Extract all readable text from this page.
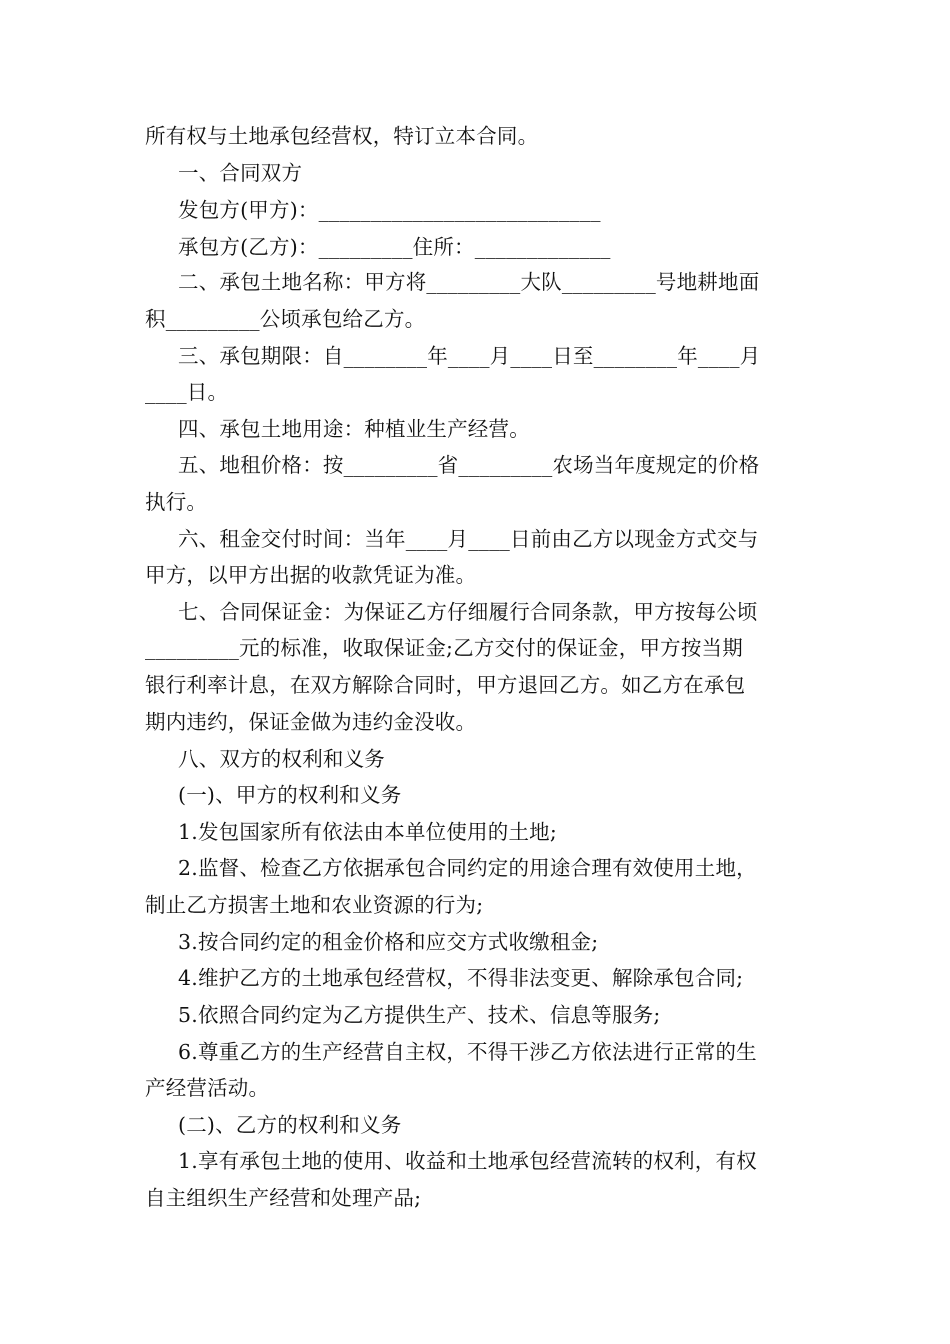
所有权与土地承包经营权，特订立本合同。
一、合同双方
发包方(甲方)：___________________________
承包方(乙方)：_________住所：_____________
二、承包土地名称：甲方将_________大队_________号地耕地面
积_________公顷承包给乙方。
三、承包期限：自________年____月____日至________年____月
____日。
四、承包土地用途：种植业生产经营。
五、地租价格：按_________省_________农场当年度规定的价格
执行。
六、租金交付时间：当年____月____日前由乙方以现金方式交与
甲方，以甲方出据的收款凭证为准。
七、合同保证金：为保证乙方仔细履行合同条款，甲方按每公顷
_________元的标准，收取保证金;乙方交付的保证金，甲方按当期
银行利率计息，在双方解除合同时，甲方退回乙方。如乙方在承包
期内违约，保证金做为违约金没收。
八、双方的权利和义务
(一)、甲方的权利和义务
1.发包国家所有依法由本单位使用的土地;
2.监督、检查乙方依据承包合同约定的用途合理有效使用土地，
制止乙方损害土地和农业资源的行为;
3.按合同约定的租金价格和应交方式收缴租金;
4.维护乙方的土地承包经营权，不得非法变更、解除承包合同;
5.依照合同约定为乙方提供生产、技术、信息等服务;
6.尊重乙方的生产经营自主权，不得干涉乙方依法进行正常的生
产经营活动。
(二)、乙方的权利和义务
1.享有承包土地的使用、收益和土地承包经营流转的权利，有权
自主组织生产经营和处理产品;
